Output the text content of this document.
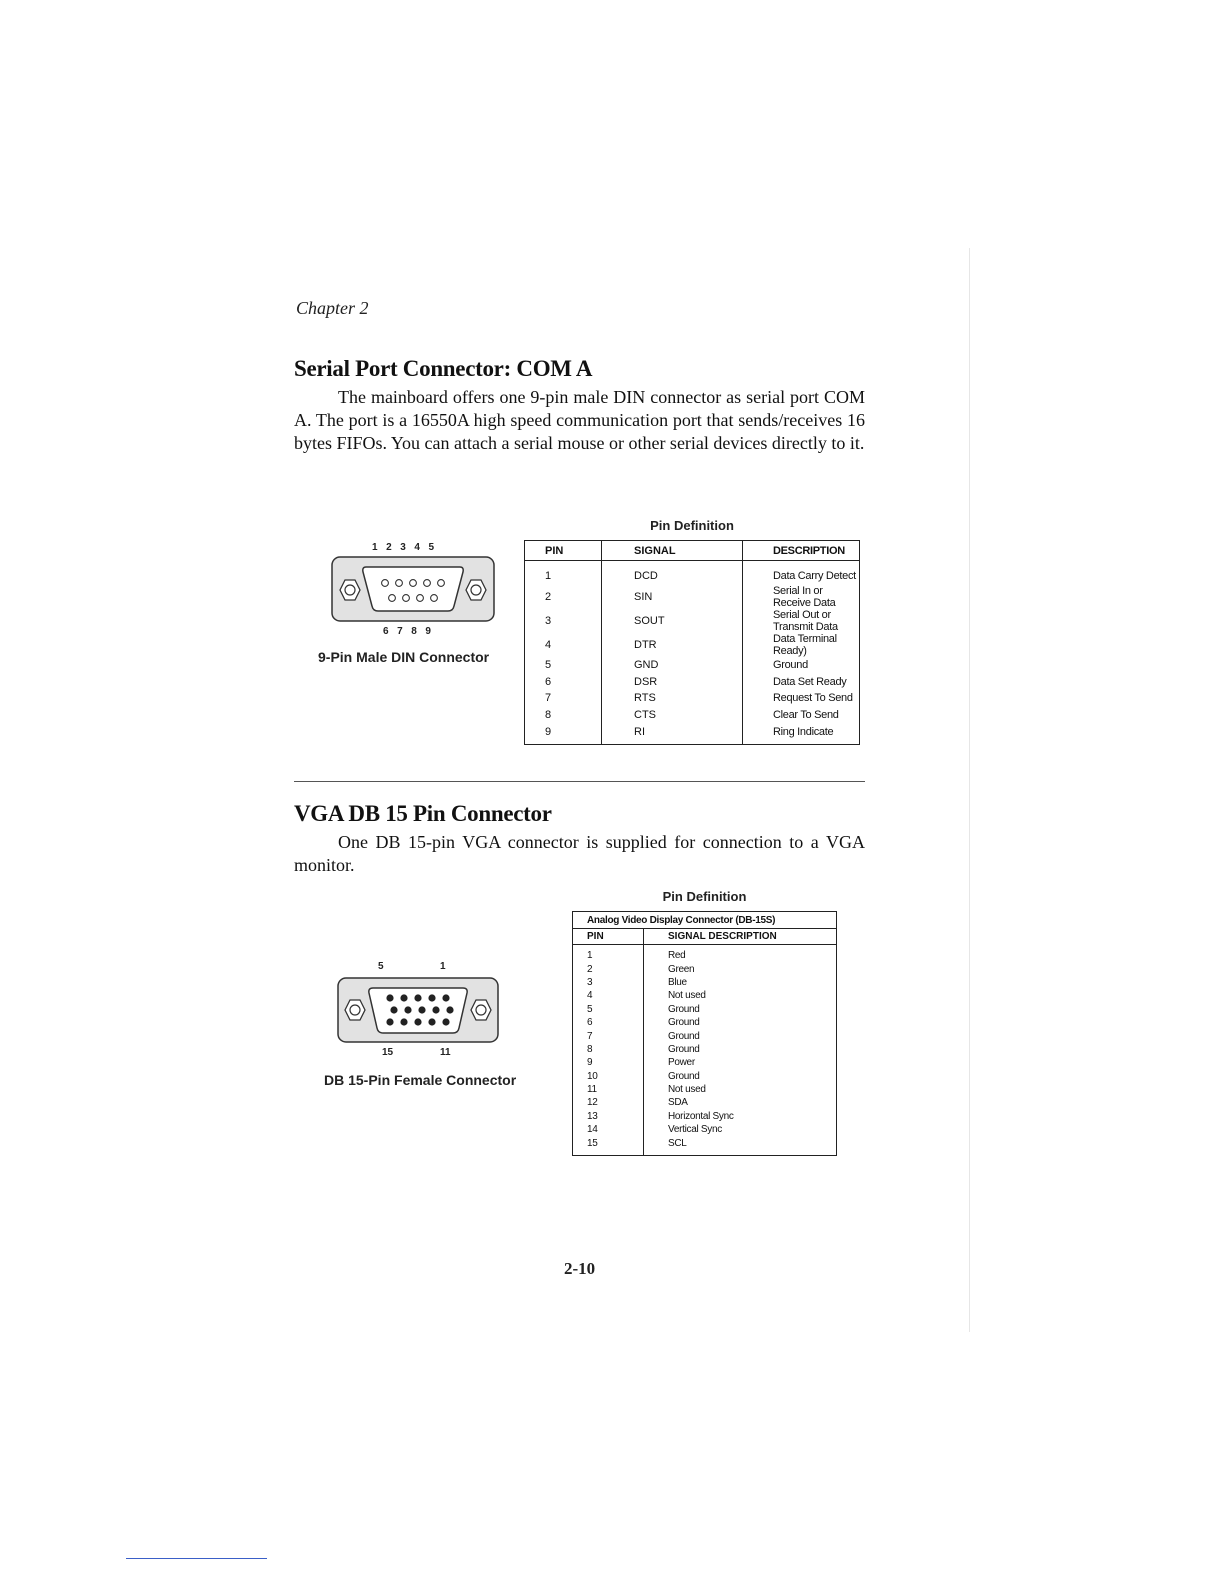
Chapter 2
Serial Port Connector: COM A
The mainboard offers one 9-pin male DIN connector as serial port COM A. The port is a 16550A high speed communication port that sends/receives 16 bytes FIFOs. You can attach a serial mouse or other serial devices directly to it.
Pin Definition
1  2  3  4  5
6  7  8  9
9-Pin Male DIN Connector
PIN	SIGNAL	DESCRIPTION
1	DCD	Data Carry Detect
2	SIN	Serial In or Receive Data
3	SOUT	Serial Out or Transmit Data
4	DTR	Data Terminal Ready)
5	GND	Ground
6	DSR	Data Set Ready
7	RTS	Request To Send
8	CTS	Clear To Send
9	RI	Ring Indicate
VGA DB 15 Pin Connector
One DB 15-pin VGA connector is supplied for connection to a VGA monitor.
Pin Definition
5	1
15	11
DB 15-Pin Female Connector
Analog Video Display Connector (DB-15S)	
PIN	SIGNAL DESCRIPTION
1	Red
2	Green
3	Blue
4	Not used
5	Ground
6	Ground
7	Ground
8	Ground
9	Power
10	Ground
11	Not used
12	SDA
13	Horizontal Sync
14	Vertical Sync
15	SCL
2-10
